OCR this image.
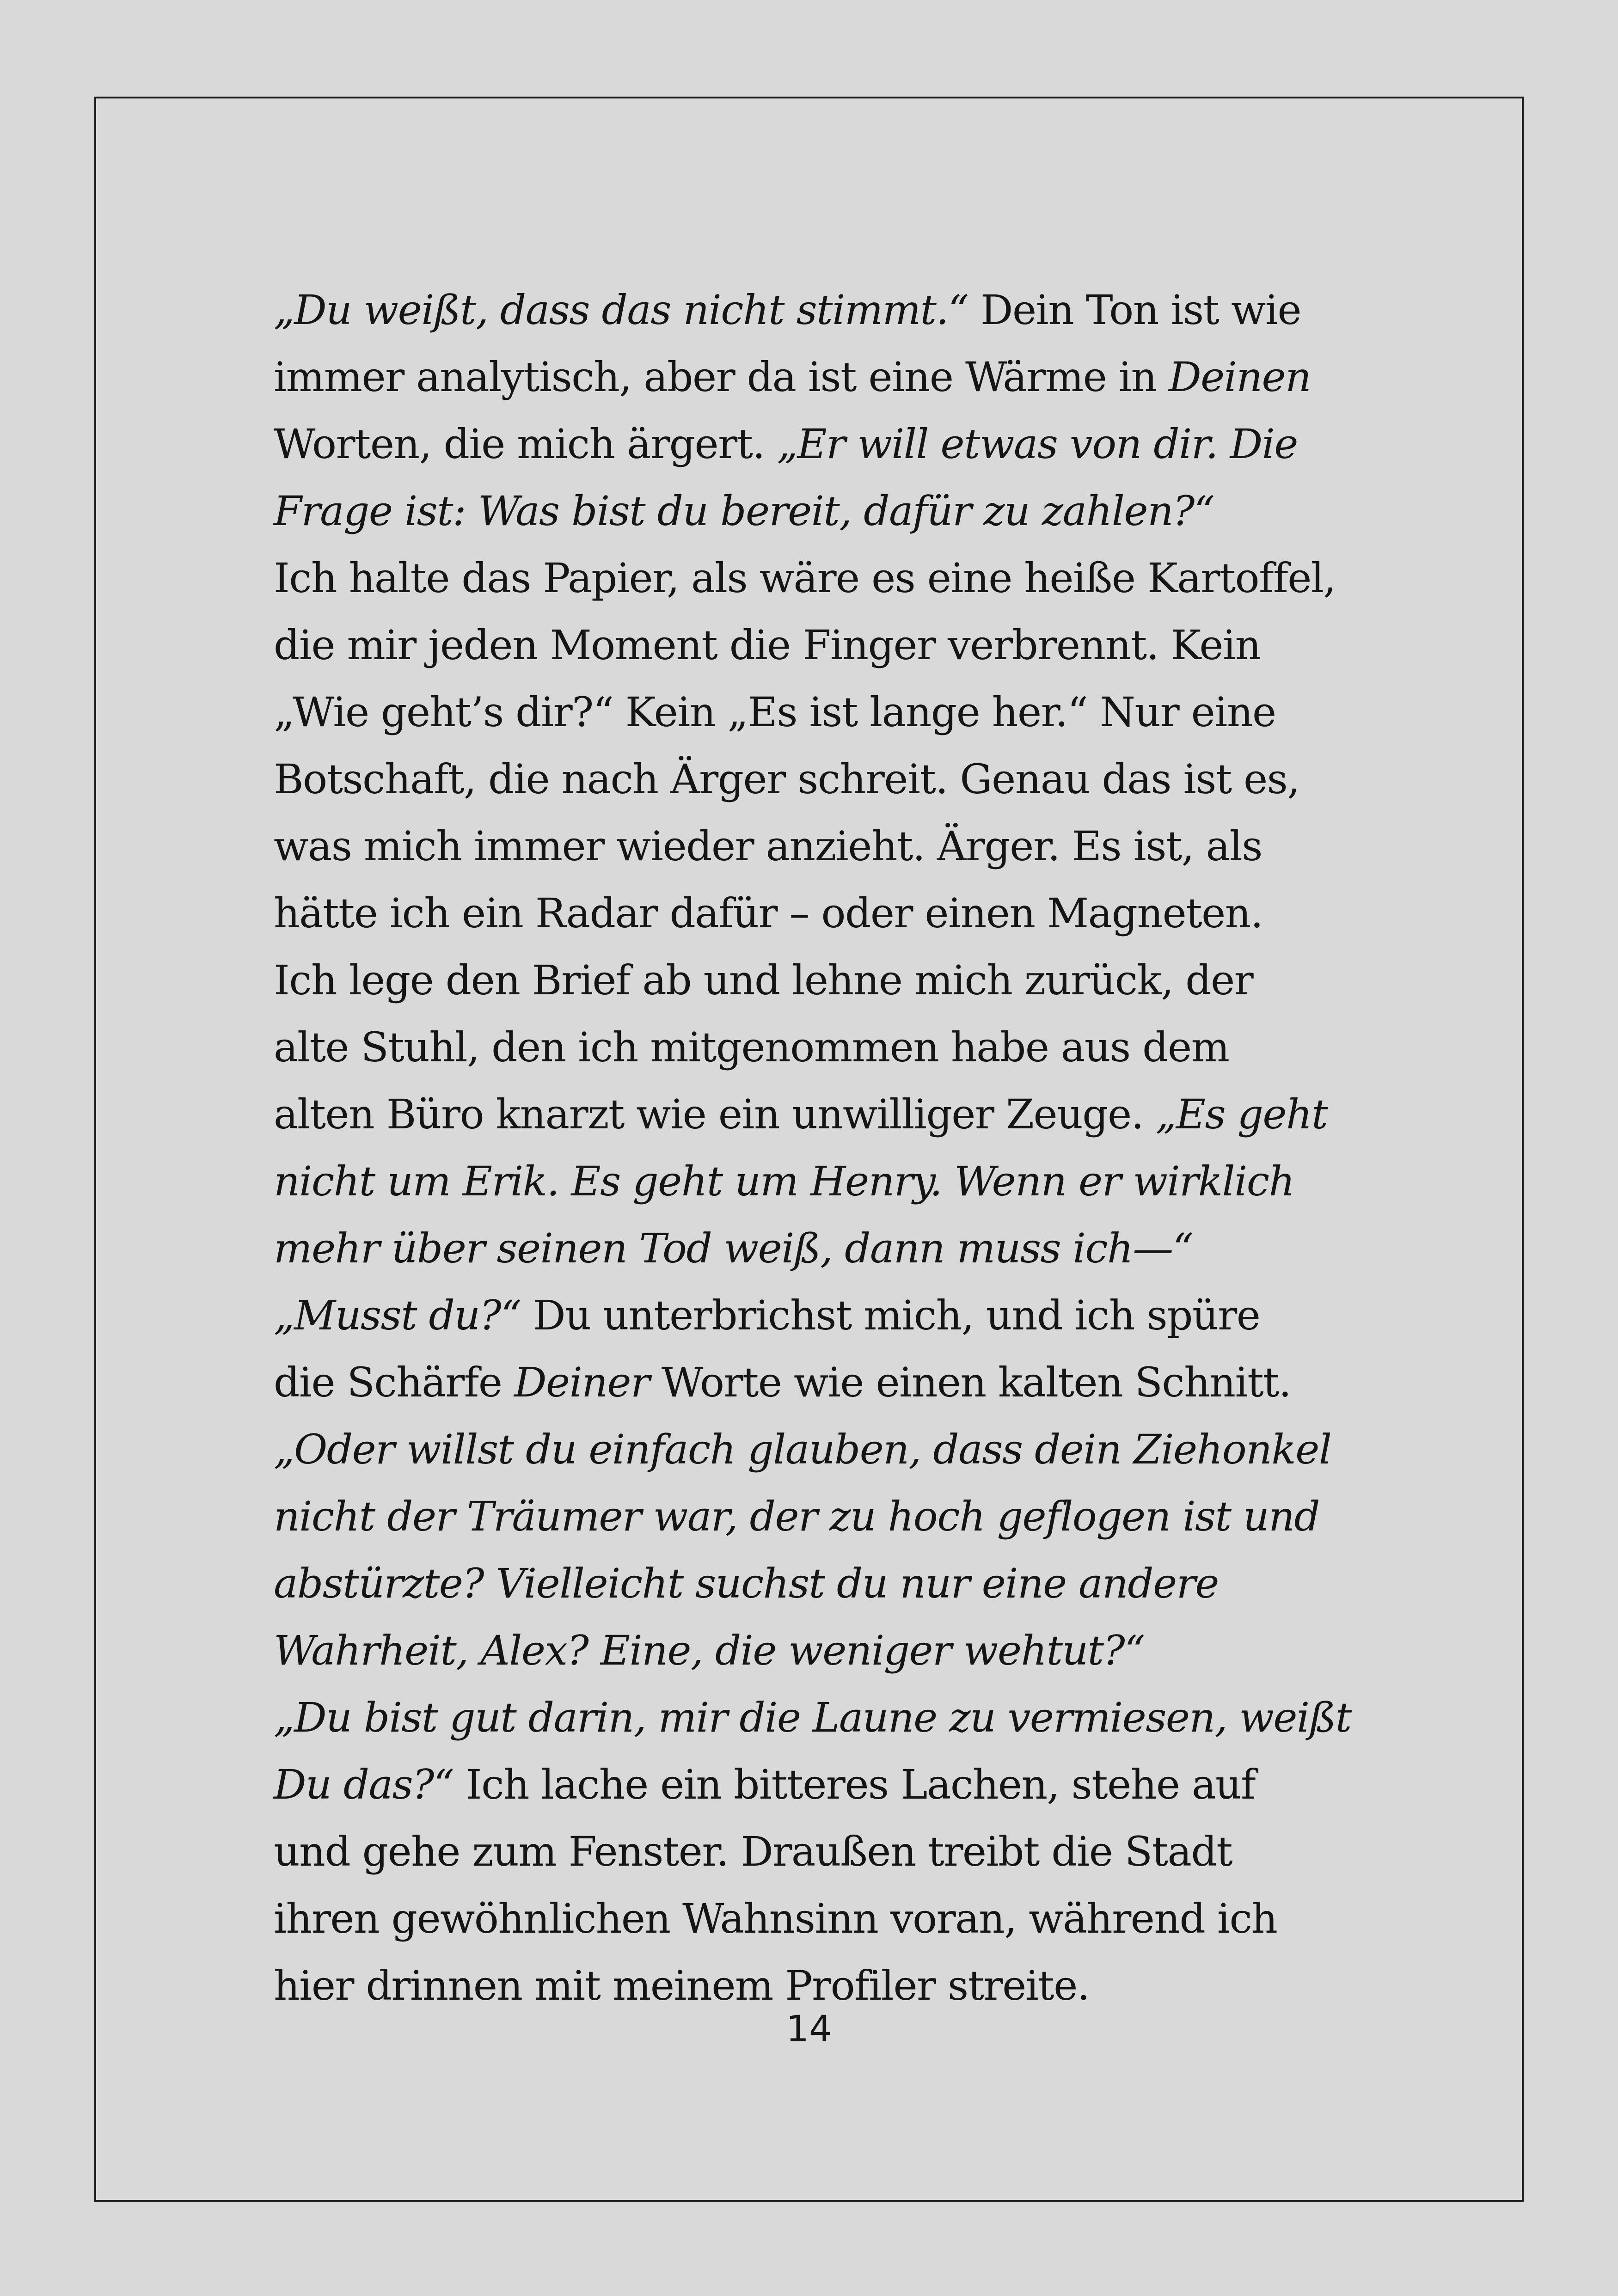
„Du weißt, dass das nicht stimmt.“ Dein Ton ist wie
immer analytisch, aber da ist eine Wärme in Deinen
Worten, die mich ärgert. „Er will etwas von dir. Die
Frage ist: Was bist du bereit, dafür zu zahlen?“
Ich halte das Papier, als wäre es eine heiße Kartoffel,
die mir jeden Moment die Finger verbrennt. Kein
„Wie geht’s dir?“ Kein „Es ist lange her.“ Nur eine
Botschaft, die nach Ärger schreit. Genau das ist es,
was mich immer wieder anzieht. Ärger. Es ist, als
hätte ich ein Radar dafür – oder einen Magneten.
Ich lege den Brief ab und lehne mich zurück, der
alte Stuhl, den ich mitgenommen habe aus dem
alten Büro knarzt wie ein unwilliger Zeuge. „Es geht
nicht um Erik. Es geht um Henry. Wenn er wirklich
mehr über seinen Tod weiß, dann muss ich—“
„Musst du?“ Du unterbrichst mich, und ich spüre
die Schärfe Deiner Worte wie einen kalten Schnitt.
„Oder willst du einfach glauben, dass dein Ziehonkel
nicht der Träumer war, der zu hoch geflogen ist und
abstürzte? Vielleicht suchst du nur eine andere
Wahrheit, Alex? Eine, die weniger wehtut?“
„Du bist gut darin, mir die Laune zu vermiesen, weißt
Du das?“ Ich lache ein bitteres Lachen, stehe auf
und gehe zum Fenster. Draußen treibt die Stadt
ihren gewöhnlichen Wahnsinn voran, während ich
hier drinnen mit meinem Profiler streite.
14
